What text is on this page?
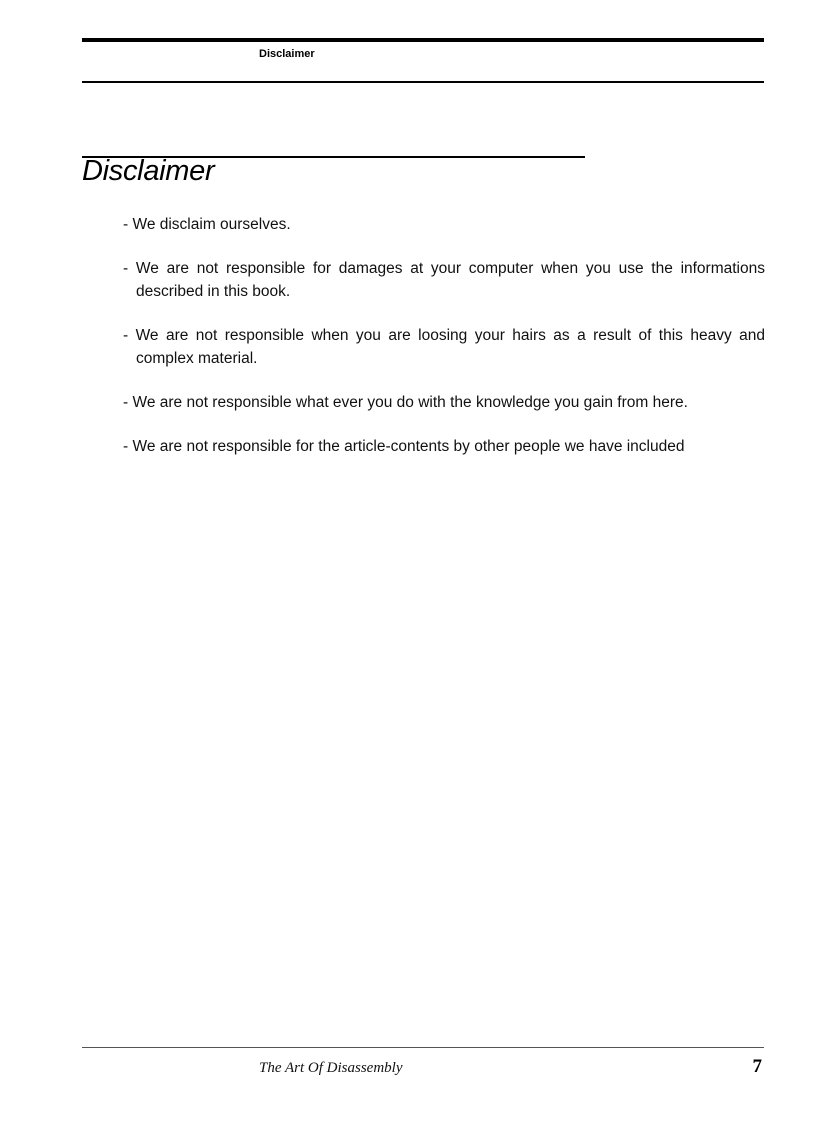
Disclaimer
Disclaimer
- We disclaim ourselves.
- We are not responsible for damages at your computer when you use the informations described in this book.
- We are not responsible when you are loosing your hairs as a result of this heavy and complex material.
- We are not responsible what ever you do with the knowledge you gain from here.
- We are not responsible for the article-contents by other people we have included
The Art Of Disassembly	7
